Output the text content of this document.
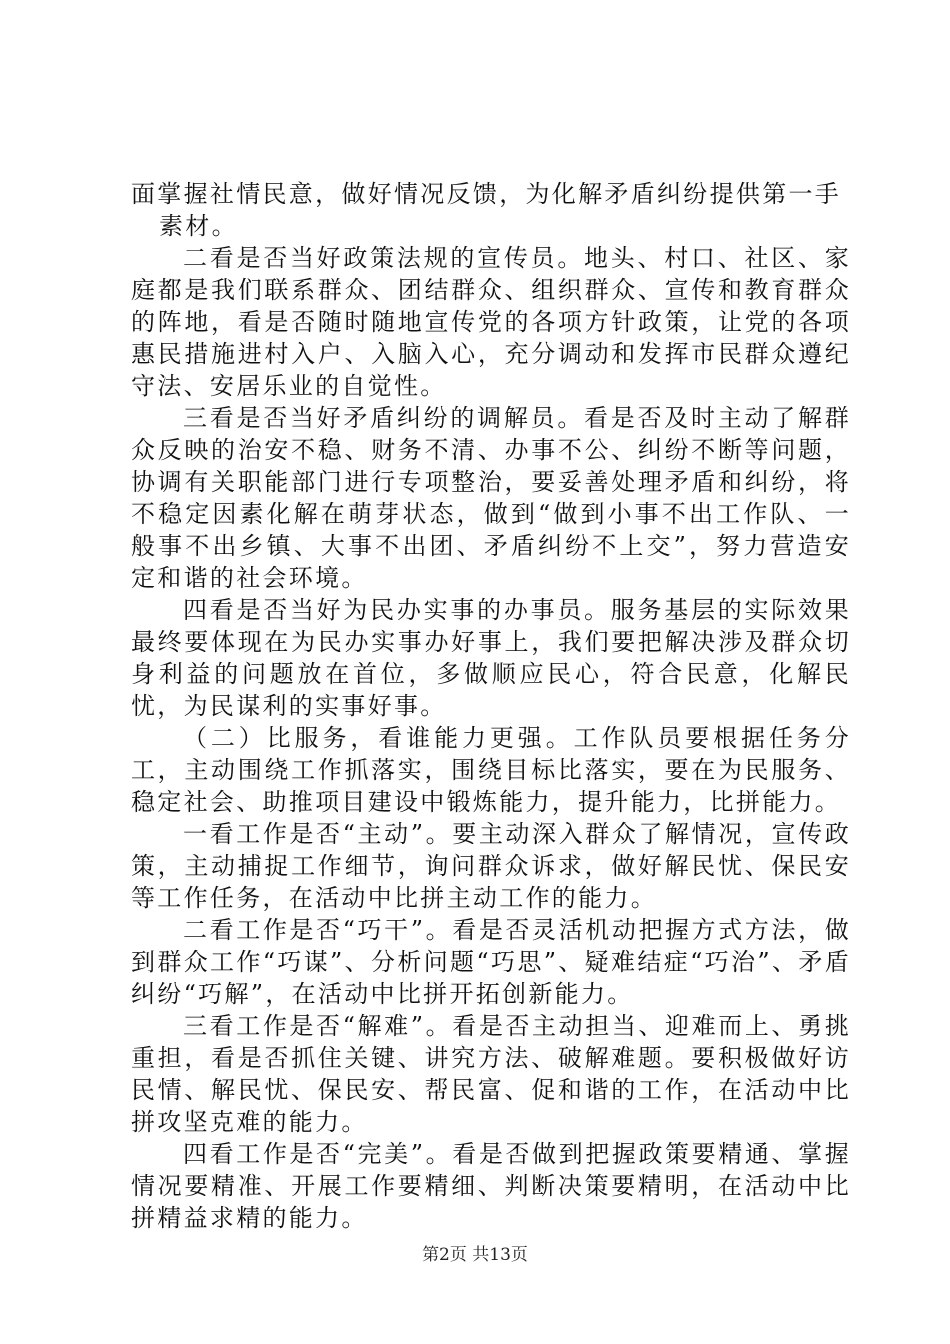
面掌握社情民意，做好情况反馈，为化解矛盾纠纷提供第一手
素材。

二看是否当好政策法规的宣传员。地头、村口、社区、家庭都是我们联系群众、团结群众、组织群众、宣传和教育群众的阵地，看是否随时随地宣传党的各项方针政策，让党的各项惠民措施进村入户、入脑入心，充分调动和发挥市民群众遵纪守法、安居乐业的自觉性。

三看是否当好矛盾纠纷的调解员。看是否及时主动了解群众反映的治安不稳、财务不清、办事不公、纠纷不断等问题，协调有关职能部门进行专项整治，要妥善处理矛盾和纠纷，将不稳定因素化解在萌芽状态，做到“做到小事不出工作队、一般事不出乡镇、大事不出团、矛盾纠纷不上交”，努力营造安定和谐的社会环境。

四看是否当好为民办实事的办事员。服务基层的实际效果最终要体现在为民办实事办好事上，我们要把解决涉及群众切身利益的问题放在首位，多做顺应民心，符合民意，化解民忧，为民谋利的实事好事。

（二）比服务，看谁能力更强。工作队员要根据任务分工，主动围绕工作抓落实，围绕目标比落实，要在为民服务、稳定社会、助推项目建设中锻炼能力，提升能力，比拼能力。

一看工作是否“主动”。要主动深入群众了解情况，宣传政策，主动捕捉工作细节，询问群众诉求，做好解民忧、保民安等工作任务，在活动中比拼主动工作的能力。

二看工作是否“巧干”。看是否灵活机动把握方式方法，做到群众工作“巧谋”、分析问题“巧思”、疑难结症“巧治”、矛盾纠纷“巧解”，在活动中比拼开拓创新能力。

三看工作是否“解难”。看是否主动担当、迎难而上、勇挑重担，看是否抓住关键、讲究方法、破解难题。要积极做好访民情、解民忧、保民安、帮民富、促和谐的工作，在活动中比拼攻坚克难的能力。

四看工作是否“完美”。看是否做到把握政策要精通、掌握情况要精准、开展工作要精细、判断决策要精明，在活动中比拼精益求精的能力。

第2页 共13页
